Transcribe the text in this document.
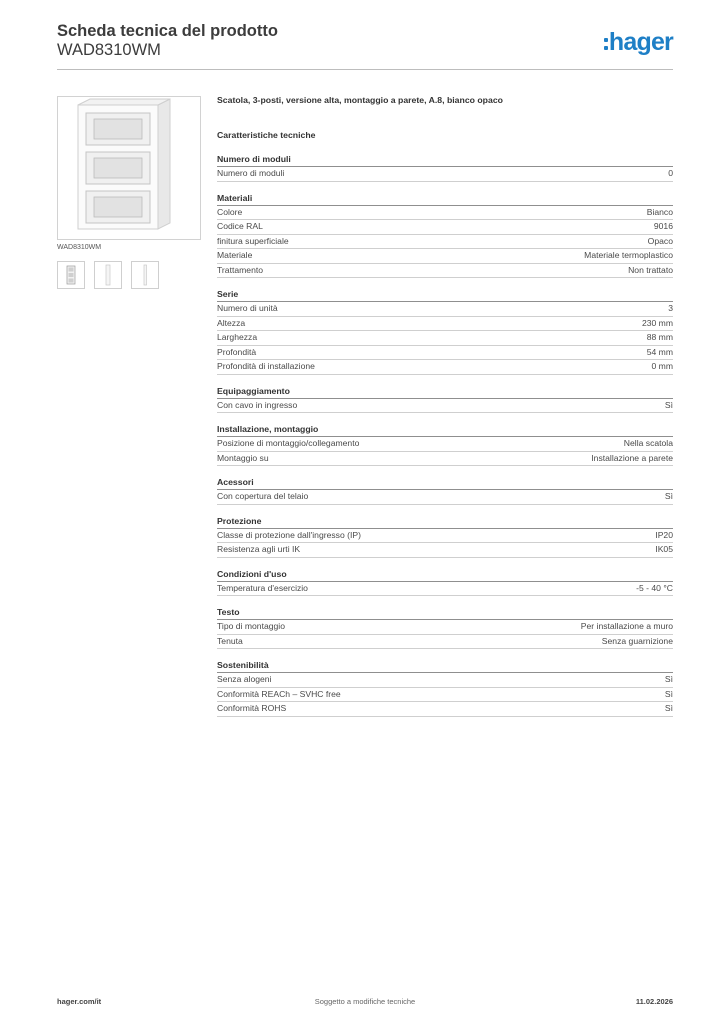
Scheda tecnica del prodotto
WAD8310WM	hager
WAD8310WM
Scatola, 3-posti, versione alta, montaggio a parete, A.8, bianco opaco
Caratteristiche tecniche
Numero di moduli
Numero di moduli	0
Materiali
Colore	Bianco
Codice RAL	9016
finitura superficiale	Opaco
Materiale	Materiale termoplastico
Trattamento	Non trattato
Serie
Numero di unità	3
Altezza	230 mm
Larghezza	88 mm
Profondità	54 mm
Profondità di installazione	0 mm
Equipaggiamento
Con cavo in ingresso	Sì
Installazione, montaggio
Posizione di montaggio/collegamento	Nella scatola
Montaggio su	Installazione a parete
Acessori
Con copertura del telaio	Sì
Protezione
Classe di protezione dall'ingresso (IP)	IP20
Resistenza agli urti IK	IK05
Condizioni d'uso
Temperatura d'esercizio	-5 - 40 °C
Testo
Tipo di montaggio	Per installazione a muro
Tenuta	Senza guarnizione
Sostenibilità
Senza alogeni	Sì
Conformità REACh – SVHC free	Sì
Conformità ROHS	Sì
hager.com/it	Soggetto a modifiche tecniche	11.02.2026
